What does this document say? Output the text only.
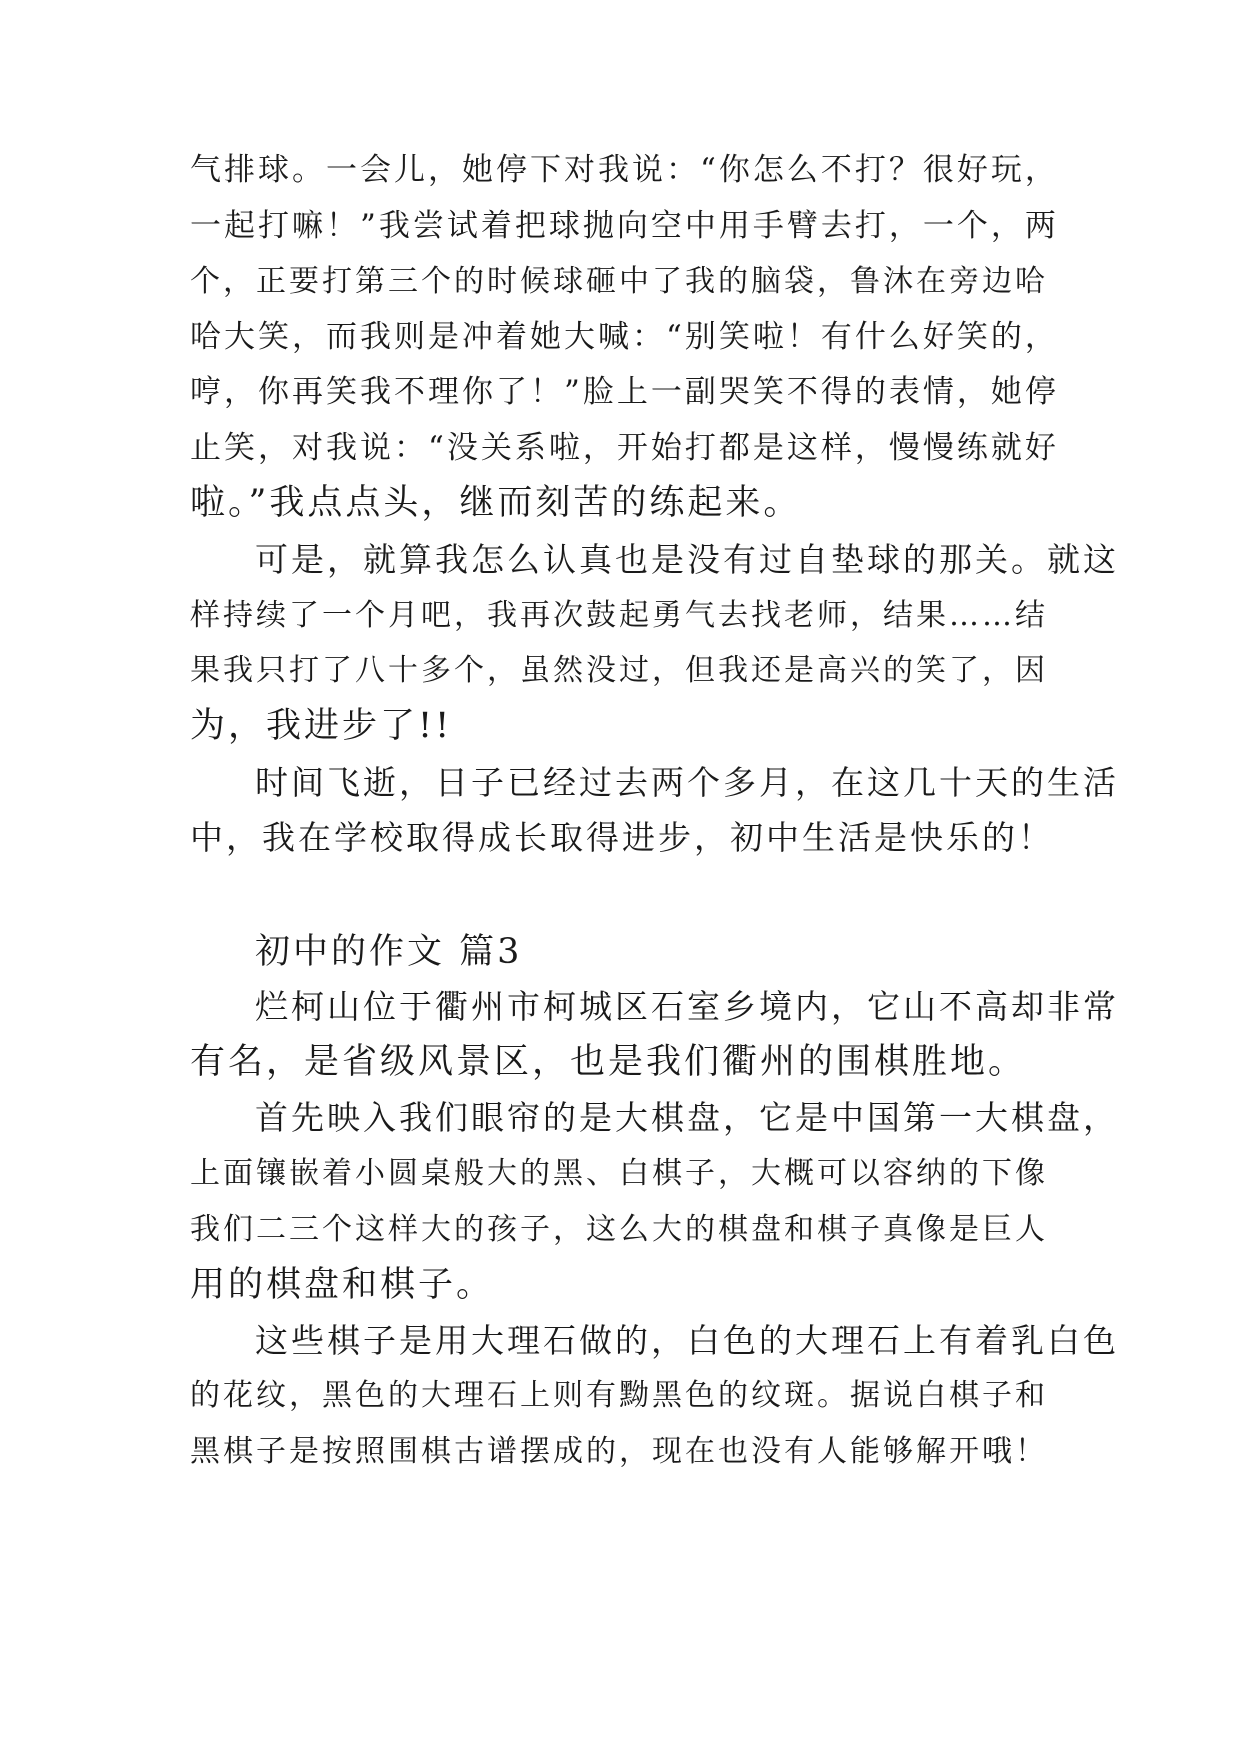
气排球。一会儿，她停下对我说：“你怎么不打？很好玩，
一起打嘛！”我尝试着把球抛向空中用手臂去打，一个，两
个，正要打第三个的时候球砸中了我的脑袋，鲁沐在旁边哈
哈大笑，而我则是冲着她大喊：“别笑啦！有什么好笑的，
哼，你再笑我不理你了！”脸上一副哭笑不得的表情，她停
止笑，对我说：“没关系啦，开始打都是这样，慢慢练就好
啦。”我点点头，继而刻苦的练起来。
可是，就算我怎么认真也是没有过自垫球的那关。就这
样持续了一个月吧，我再次鼓起勇气去找老师，结果……结
果我只打了八十多个，虽然没过，但我还是高兴的笑了，因
为，我进步了!!
时间飞逝，日子已经过去两个多月，在这几十天的生活
中，我在学校取得成长取得进步，初中生活是快乐的！
初中的作文 篇3
烂柯山位于衢州市柯城区石室乡境内，它山不高却非常
有名，是省级风景区，也是我们衢州的围棋胜地。
首先映入我们眼帘的是大棋盘，它是中国第一大棋盘，
上面镶嵌着小圆桌般大的黑、白棋子，大概可以容纳的下像
我们二三个这样大的孩子，这么大的棋盘和棋子真像是巨人
用的棋盘和棋子。
这些棋子是用大理石做的，白色的大理石上有着乳白色
的花纹，黑色的大理石上则有黝黑色的纹斑。据说白棋子和
黑棋子是按照围棋古谱摆成的，现在也没有人能够解开哦！
